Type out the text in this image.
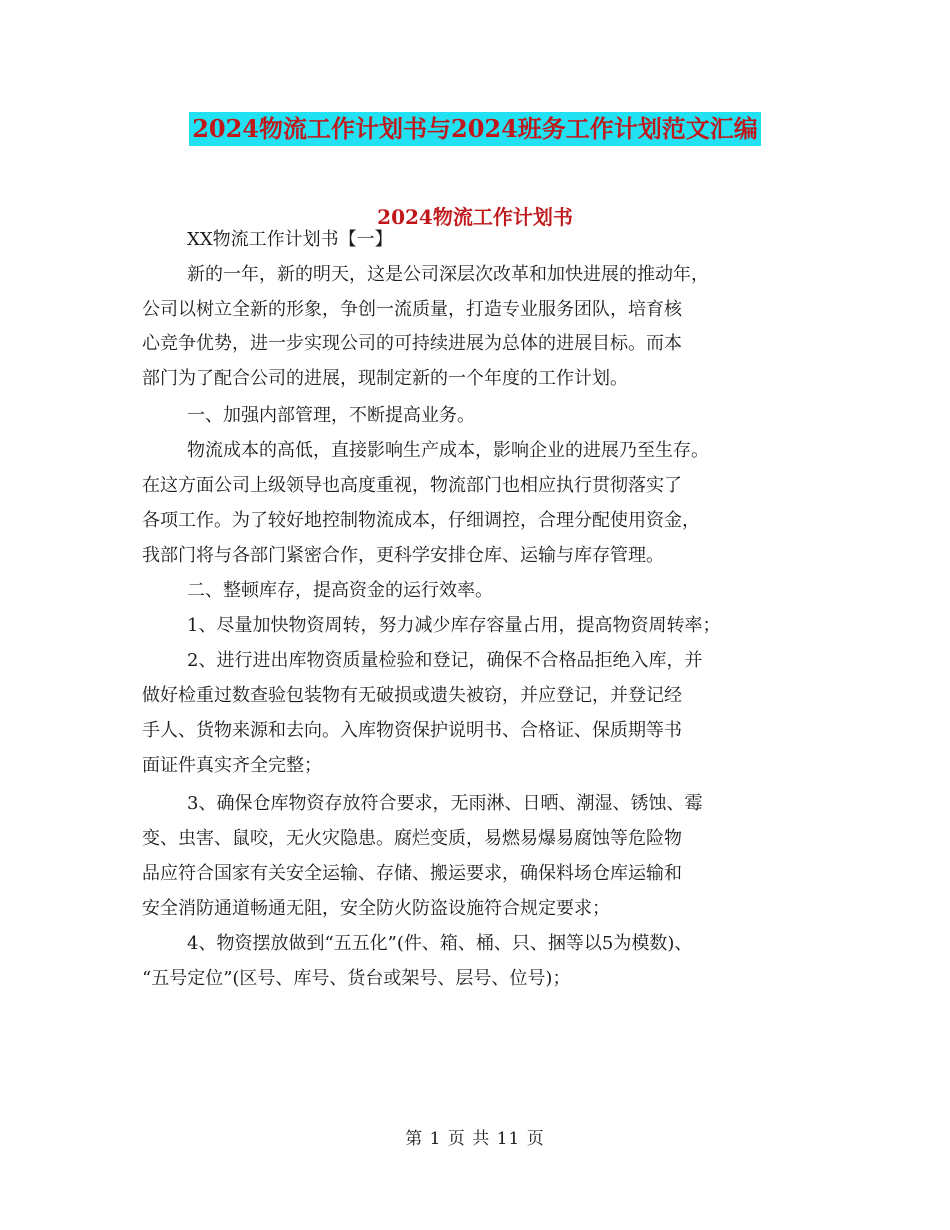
2024物流工作计划书与2024班务工作计划范文汇编
2024物流工作计划书
XX物流工作计划书【一】
新的一年，新的明天，这是公司深层次改革和加快进展的推动年，
公司以树立全新的形象，争创一流质量，打造专业服务团队，培育核
心竞争优势，进一步实现公司的可持续进展为总体的进展目标。而本
部门为了配合公司的进展，现制定新的一个年度的工作计划。
一、加强内部管理，不断提高业务。
物流成本的高低，直接影响生产成本，影响企业的进展乃至生存。
在这方面公司上级领导也高度重视，物流部门也相应执行贯彻落实了
各项工作。为了较好地控制物流成本，仔细调控，合理分配使用资金，
我部门将与各部门紧密合作，更科学安排仓库、运输与库存管理。
二、整顿库存，提高资金的运行效率。
1、尽量加快物资周转，努力减少库存容量占用，提高物资周转率；
2、进行进出库物资质量检验和登记，确保不合格品拒绝入库，并
做好检重过数查验包装物有无破损或遗失被窃，并应登记，并登记经
手人、货物来源和去向。入库物资保护说明书、合格证、保质期等书
面证件真实齐全完整；
3、确保仓库物资存放符合要求，无雨淋、日晒、潮湿、锈蚀、霉
变、虫害、鼠咬，无火灾隐患。腐烂变质，易燃易爆易腐蚀等危险物
品应符合国家有关安全运输、存储、搬运要求，确保料场仓库运输和
安全消防通道畅通无阻，安全防火防盗设施符合规定要求；
4、物资摆放做到“五五化”(件、箱、桶、只、捆等以5为模数)、
“五号定位”(区号、库号、货台或架号、层号、位号)；
第 1 页 共 11 页
